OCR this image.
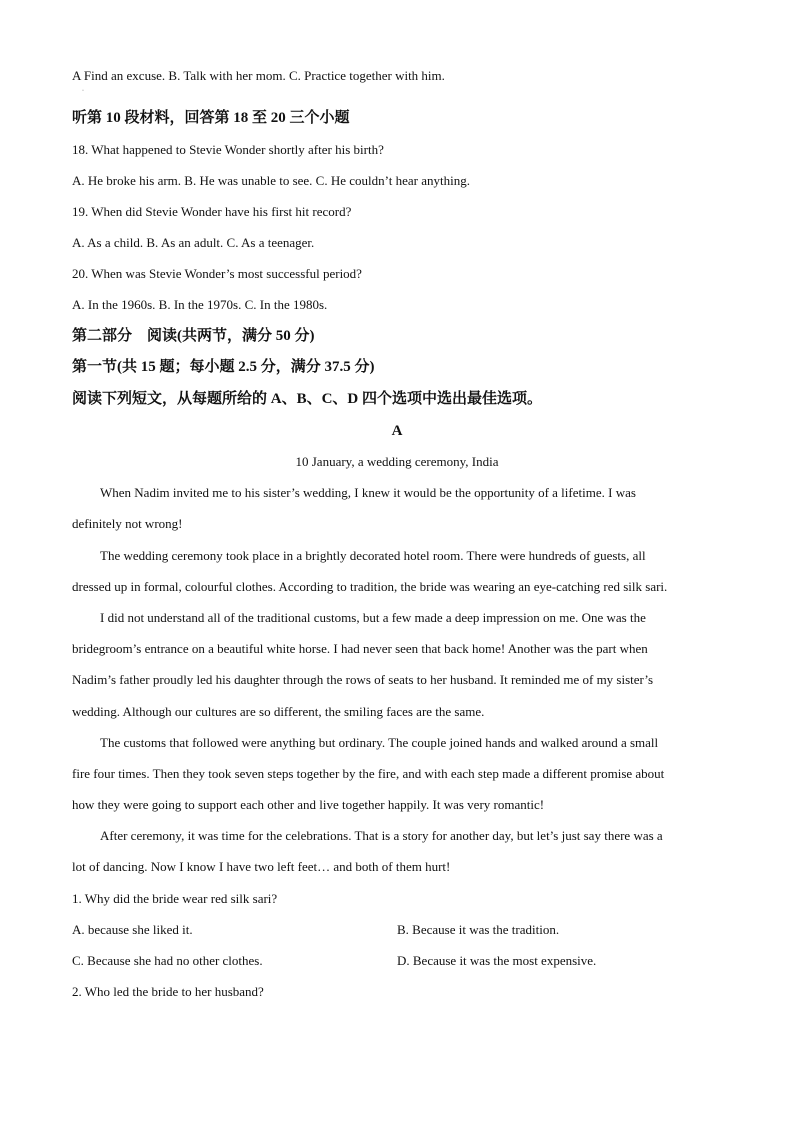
A Find an excuse. B. Talk with her mom. C. Practice together with him.
·
听第 10 段材料，回答第 18 至 20 三个小题
18. What happened to Stevie Wonder shortly after his birth?
A. He broke his arm. B. He was unable to see. C. He couldn’t hear anything.
19. When did Stevie Wonder have his first hit record?
A. As a child. B. As an adult. C. As a teenager.
20. When was Stevie Wonder’s most successful period?
A. In the 1960s. B. In the 1970s. C. In the 1980s.
第二部分　阅读(共两节，满分 50 分)
第一节(共 15 题；每小题 2.5 分，满分 37.5 分)
阅读下列短文，从每题所给的 A、B、C、D 四个选项中选出最佳选项。
A
10 January, a wedding ceremony, India
When Nadim invited me to his sister’s wedding, I knew it would be the opportunity of a lifetime. I was
definitely not wrong!
The wedding ceremony took place in a brightly decorated hotel room. There were hundreds of guests, all
dressed up in formal, colourful clothes. According to tradition, the bride was wearing an eye-catching red silk sari.
I did not understand all of the traditional customs, but a few made a deep impression on me. One was the
bridegroom’s entrance on a beautiful white horse. I had never seen that back home! Another was the part when
Nadim’s father proudly led his daughter through the rows of seats to her husband. It reminded me of my sister’s
wedding. Although our cultures are so different, the smiling faces are the same.
The customs that followed were anything but ordinary. The couple joined hands and walked around a small
fire four times. Then they took seven steps together by the fire, and with each step made a different promise about
how they were going to support each other and live together happily. It was very romantic!
After ceremony, it was time for the celebrations. That is a story for another day, but let’s just say there was a
lot of dancing. Now I know I have two left feet… and both of them hurt!
1. Why did the bride wear red silk sari?
A. because she liked it.	B. Because it was the tradition.
C. Because she had no other clothes.	D. Because it was the most expensive.
2. Who led the bride to her husband?
